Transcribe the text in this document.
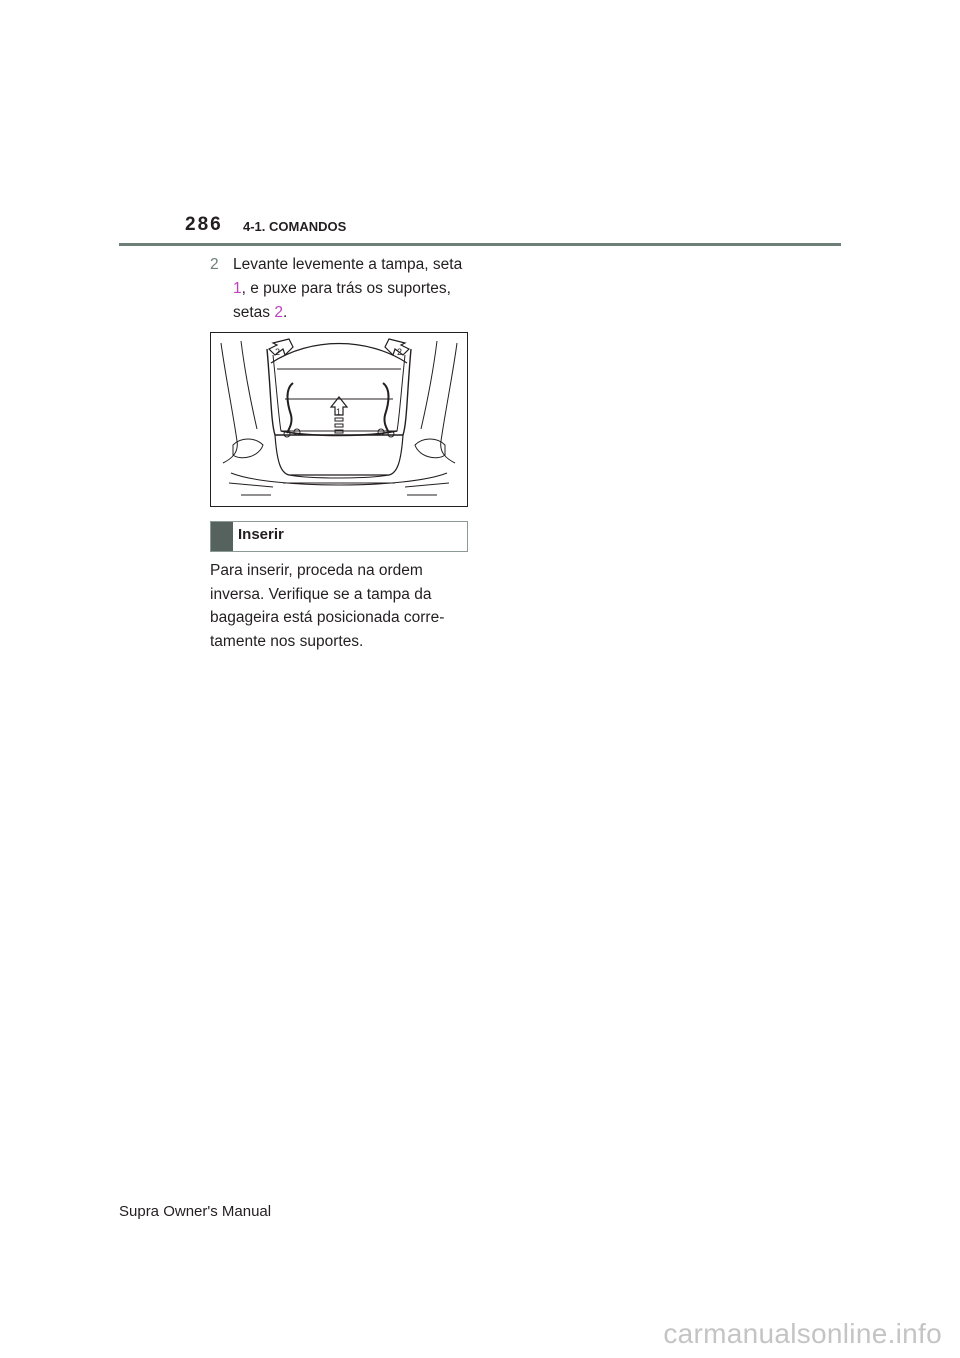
286 4-1. COMANDOS
2 Levante levemente a tampa, seta 1, e puxe para trás os suportes, setas 2.
1
2	2
Inserir

Para inserir, proceda na ordem inversa. Verifique se a tampa da bagageira está posicionada corre-tamente nos suportes.

Supra Owner's Manual
carmanualsonline.info
